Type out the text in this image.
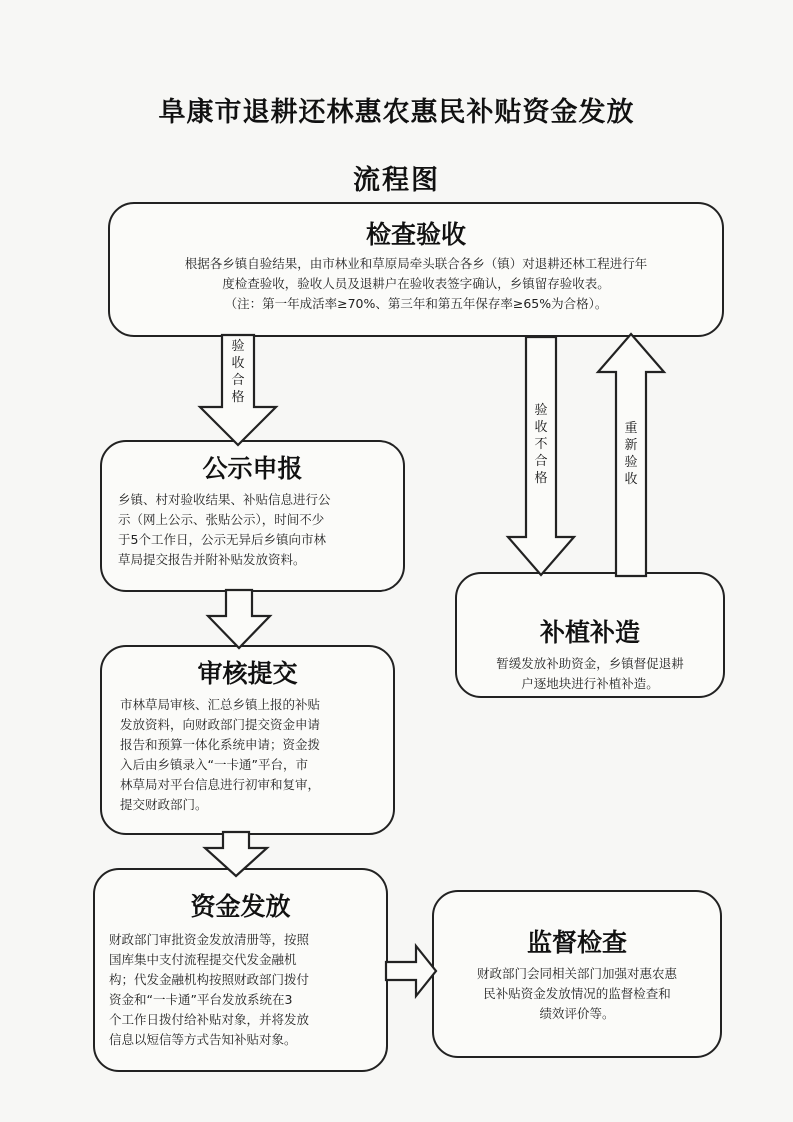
阜康市退耕还林惠农惠民补贴资金发放
流程图
检查验收
根据各乡镇自验结果，由市林业和草原局牵头联合各乡（镇）对退耕还林工程进行年
度检查验收，验收人员及退耕户在验收表签字确认，乡镇留存验收表。
（注：第一年成活率≥70%、第三年和第五年保存率≥65%为合格）。
公示申报
乡镇、村对验收结果、补贴信息进行公
示（网上公示、张贴公示），时间不少
于5个工作日，公示无异后乡镇向市林
草局提交报告并附补贴发放资料。
审核提交
市林草局审核、汇总乡镇上报的补贴
发放资料，向财政部门提交资金申请
报告和预算一体化系统申请；资金拨
入后由乡镇录入“一卡通”平台，市
林草局对平台信息进行初审和复审，
提交财政部门。
资金发放
财政部门审批资金发放清册等，按照
国库集中支付流程提交代发金融机
构；代发金融机构按照财政部门拨付
资金和“一卡通”平台发放系统在3
个工作日拨付给补贴对象，并将发放
信息以短信等方式告知补贴对象。
补植补造
暂缓发放补助资金，乡镇督促退耕
户逐地块进行补植补造。
监督检查
财政部门会同相关部门加强对惠农惠
民补贴资金发放情况的监督检查和
绩效评价等。
验
收
合
格
验
收
不
合
格
重
新
验
收
